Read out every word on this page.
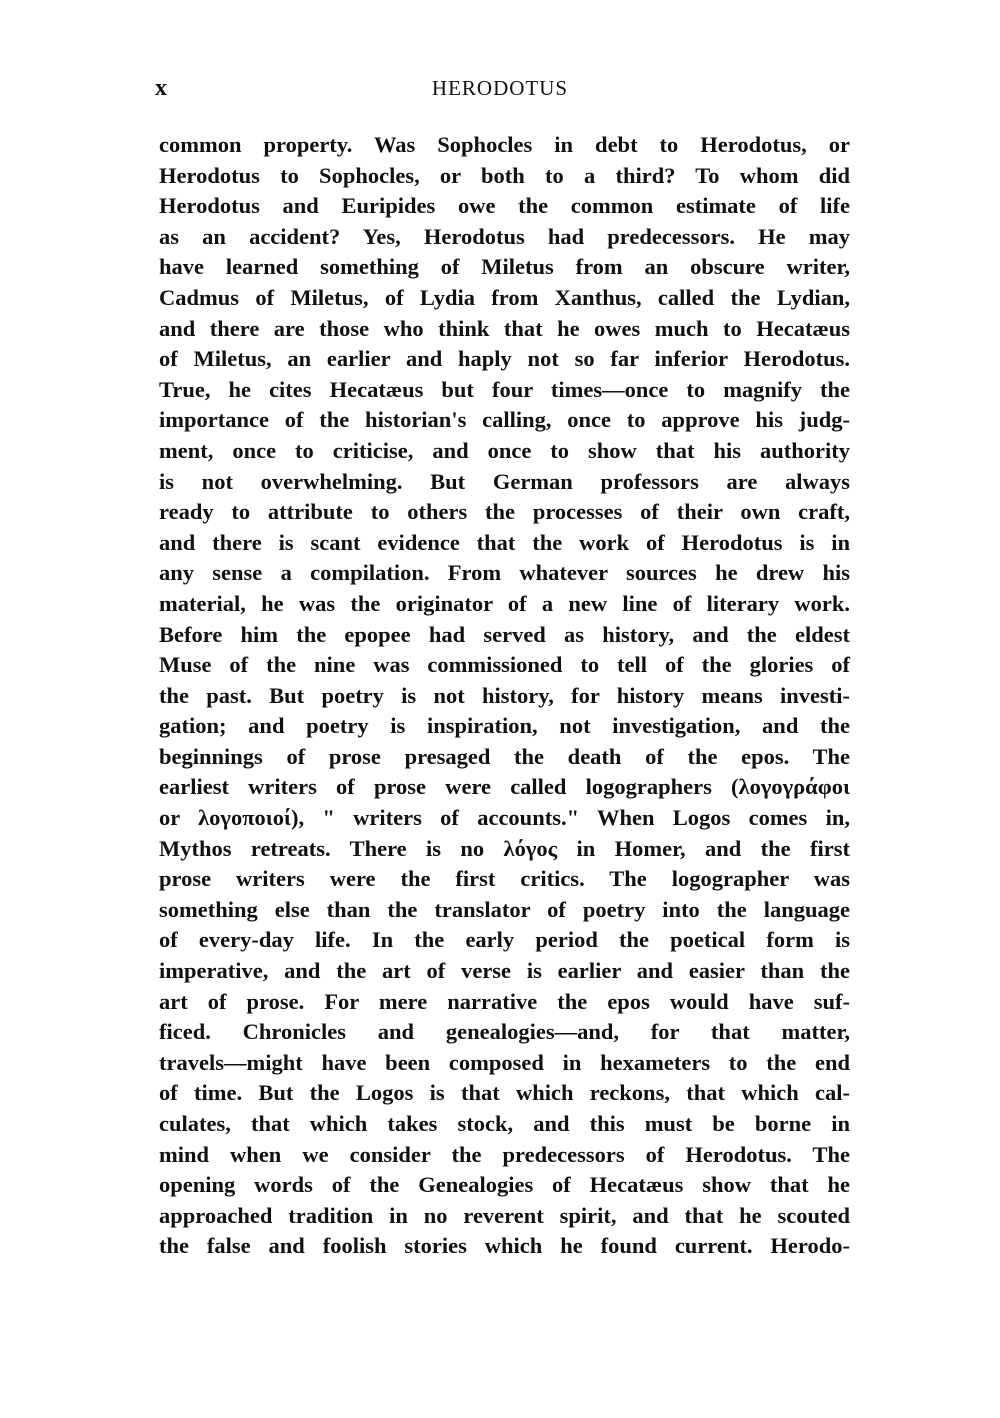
x	HERODOTUS
common property. Was Sophocles in debt to Herodotus, or
Herodotus to Sophocles, or both to a third? To whom did
Herodotus and Euripides owe the common estimate of life
as an accident? Yes, Herodotus had predecessors. He may
have learned something of Miletus from an obscure writer,
Cadmus of Miletus, of Lydia from Xanthus, called the Lydian,
and there are those who think that he owes much to Hecatæus
of Miletus, an earlier and haply not so far inferior Herodotus.
True, he cites Hecatæus but four times—once to magnify the
importance of the historian's calling, once to approve his judg-
ment, once to criticise, and once to show that his authority
is not overwhelming. But German professors are always
ready to attribute to others the processes of their own craft,
and there is scant evidence that the work of Herodotus is in
any sense a compilation. From whatever sources he drew his
material, he was the originator of a new line of literary work.
Before him the epopee had served as history, and the eldest
Muse of the nine was commissioned to tell of the glories of
the past. But poetry is not history, for history means investi-
gation; and poetry is inspiration, not investigation, and the
beginnings of prose presaged the death of the epos. The
earliest writers of prose were called logographers (λογογράφοι
or λογοποιοί), " writers of accounts." When Logos comes in,
Mythos retreats. There is no λόγος in Homer, and the first
prose writers were the first critics. The logographer was
something else than the translator of poetry into the language
of every-day life. In the early period the poetical form is
imperative, and the art of verse is earlier and easier than the
art of prose. For mere narrative the epos would have suf-
ficed. Chronicles and genealogies—and, for that matter,
travels—might have been composed in hexameters to the end
of time. But the Logos is that which reckons, that which cal-
culates, that which takes stock, and this must be borne in
mind when we consider the predecessors of Herodotus. The
opening words of the Genealogies of Hecatæus show that he
approached tradition in no reverent spirit, and that he scouted
the false and foolish stories which he found current. Herodo-
